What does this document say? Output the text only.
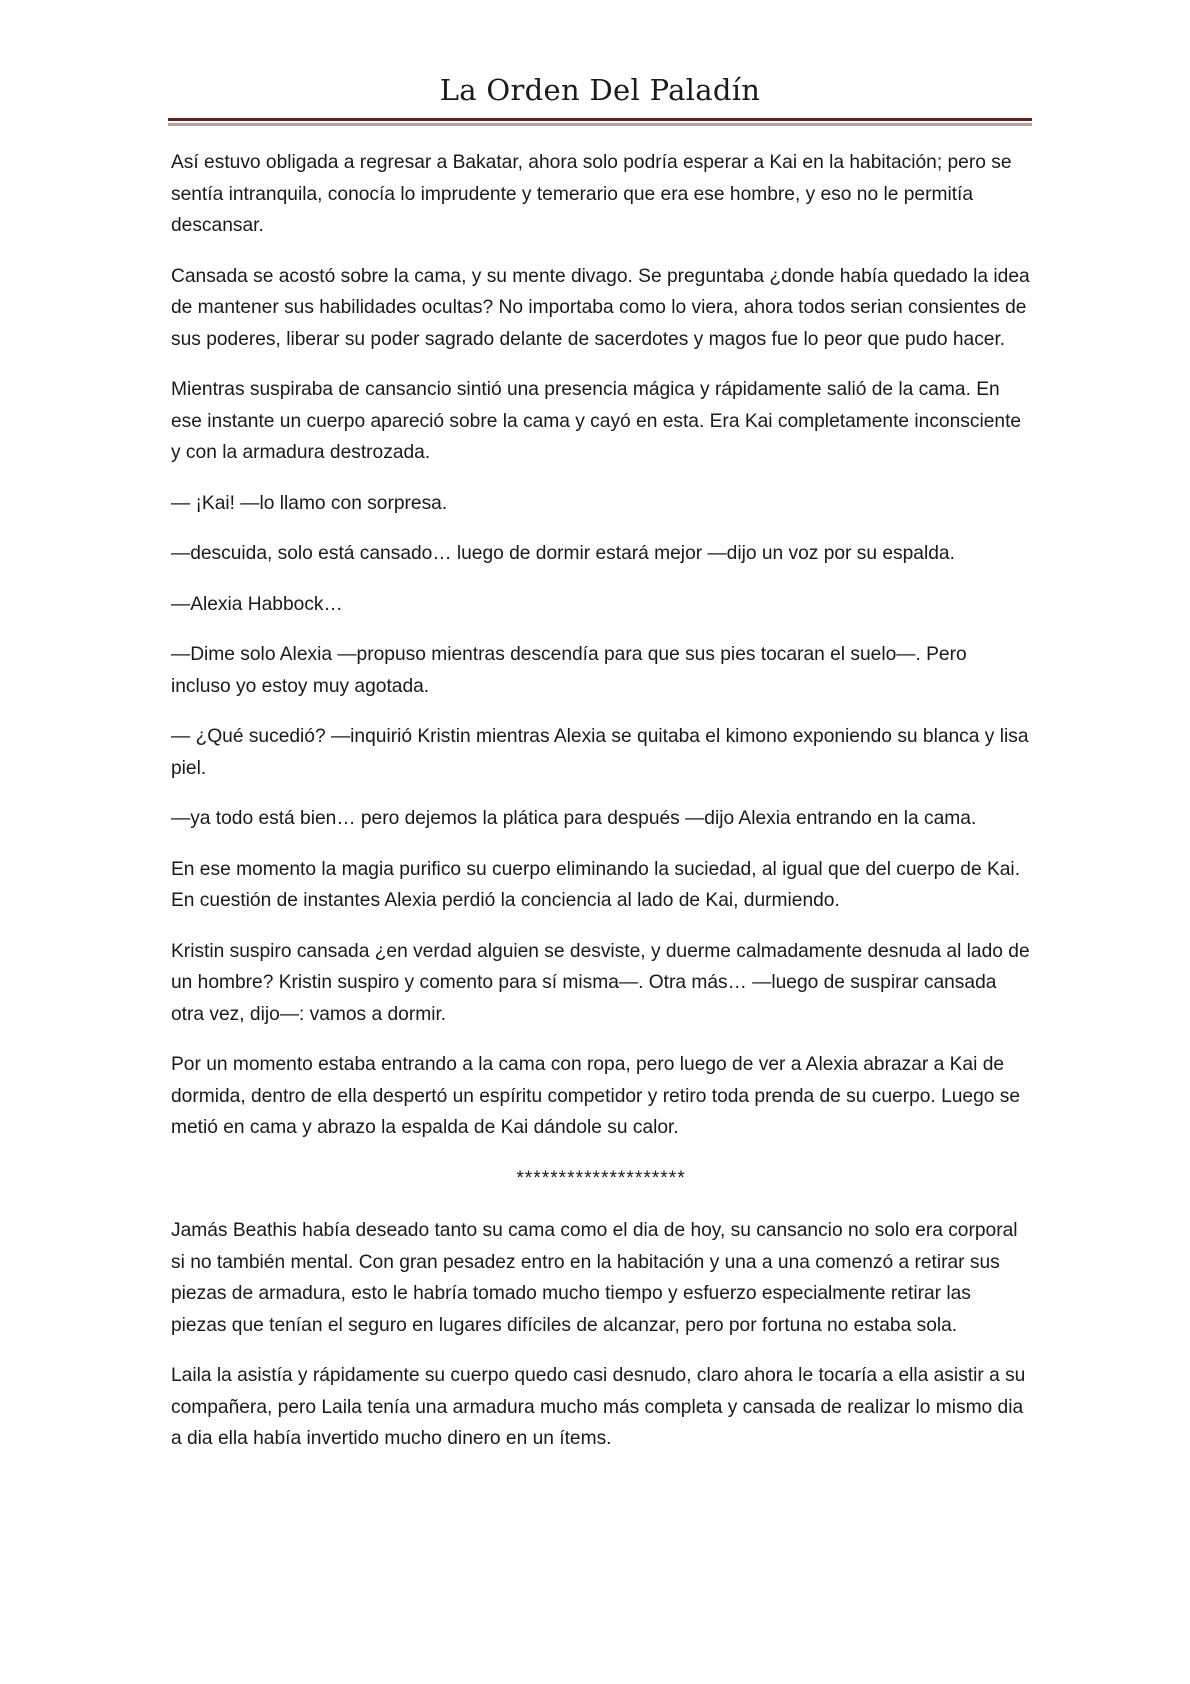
La Orden Del Paladín

Así estuvo obligada a regresar a Bakatar, ahora solo podría esperar a Kai en la habitación; pero se sentía intranquila, conocía lo imprudente y temerario que era ese hombre, y eso no le permitía descansar.

Cansada se acostó sobre la cama, y su mente divago. Se preguntaba ¿donde había quedado la idea de mantener sus habilidades ocultas? No importaba como lo viera, ahora todos serian consientes de sus poderes, liberar su poder sagrado delante de sacerdotes y magos fue lo peor que pudo hacer.

Mientras suspiraba de cansancio sintió una presencia mágica y rápidamente salió de la cama. En ese instante un cuerpo apareció sobre la cama y cayó en esta. Era Kai completamente inconsciente y con la armadura destrozada.

— ¡Kai! —lo llamo con sorpresa.

—descuida, solo está cansado… luego de dormir estará mejor —dijo un voz por su espalda.

—Alexia Habbock…

—Dime solo Alexia —propuso mientras descendía para que sus pies tocaran el suelo—. Pero incluso yo estoy muy agotada.

— ¿Qué sucedió? —inquirió Kristin mientras Alexia se quitaba el kimono exponiendo su blanca y lisa piel.

—ya todo está bien… pero dejemos la plática para después —dijo Alexia entrando en la cama.

En ese momento la magia purifico su cuerpo eliminando la suciedad, al igual que del cuerpo de Kai. En cuestión de instantes Alexia perdió la conciencia al lado de Kai, durmiendo.

Kristin suspiro cansada ¿en verdad alguien se desviste, y duerme calmadamente desnuda al lado de un hombre? Kristin suspiro y comento para sí misma—. Otra más… —luego de suspirar cansada otra vez, dijo—: vamos a dormir.

Por un momento estaba entrando a la cama con ropa, pero luego de ver a Alexia abrazar a Kai de dormida, dentro de ella despertó un espíritu competidor y retiro toda prenda de su cuerpo. Luego se metió en cama y abrazo la espalda de Kai dándole su calor.

********************

Jamás Beathis había deseado tanto su cama como el dia de hoy, su cansancio no solo era corporal si no también mental. Con gran pesadez entro en la habitación y una a una comenzó a retirar sus piezas de armadura, esto le habría tomado mucho tiempo y esfuerzo especialmente retirar las piezas que tenían el seguro en lugares difíciles de alcanzar, pero por fortuna no estaba sola.

Laila la asistía y rápidamente su cuerpo quedo casi desnudo, claro ahora le tocaría a ella asistir a su compañera, pero Laila tenía una armadura mucho más completa y cansada de realizar lo mismo dia a dia ella había invertido mucho dinero en un ítems.
